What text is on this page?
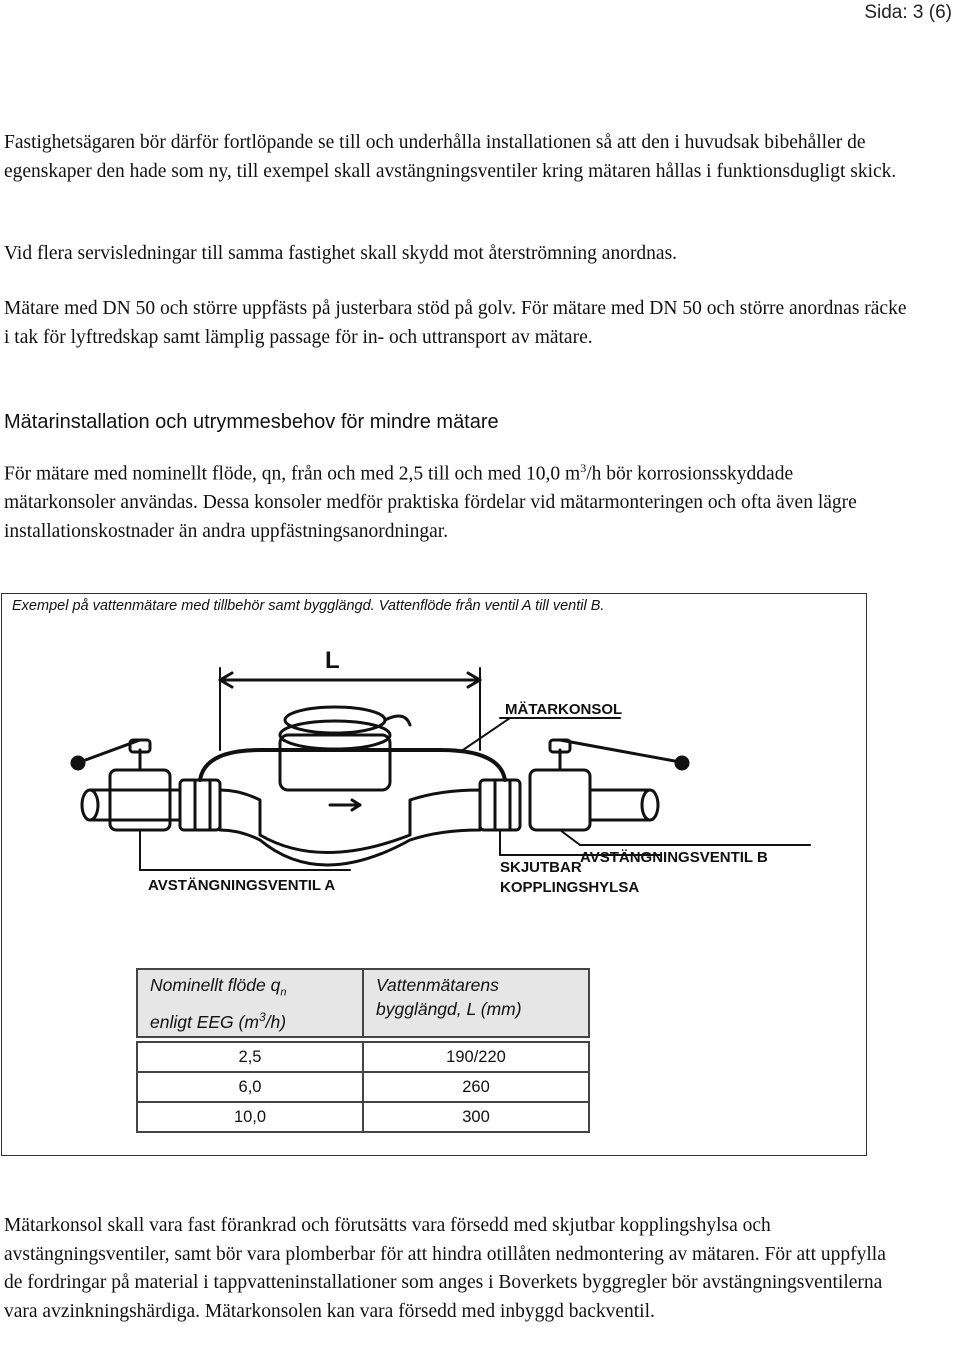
Sida: 3 (6)

Fastighetsägaren bör därför fortlöpande se till och underhålla installationen så att den i huvudsak bibehåller de egenskaper den hade som ny, till exempel skall avstängningsventiler kring mätaren hållas i funktionsdugligt skick.

Vid flera servisledningar till samma fastighet skall skydd mot återströmning anordnas.

Mätare med DN 50 och större uppfästs på justerbara stöd på golv. För mätare med DN 50 och större anordnas räcke i tak för lyftredskap samt lämplig passage för in- och uttransport av mätare.

Mätarinstallation och utrymmesbehov för mindre mätare

För mätare med nominellt flöde, qn, från och med 2,5 till och med 10,0 $m^3/h$ bör korrosionsskyddade mätarkonsoler användas. Dessa konsoler medför praktiska fördelar vid mätarmonteringen och ofta även lägre installationskostnader än andra uppfästningsanordningar.

Exempel på vattenmätare med tillbehör samt bygglängd. Vattenflöde från ventil A till ventil B.
L
MÄTARKONSOL
AVSTÄNGNINGSVENTIL A
AVSTÄNGNINGSVENTIL B
SKJUTBAR
KOPPLINGSHYLSA
Nominellt flöde $q_n$
enligt EEG $(m^3/h)$	Vattenmätarens
bygglängd, L (mm)

2,5	190/220
6,0	260
10,0	300

Mätarkonsol skall vara fast förankrad och förutsätts vara försedd med skjutbar kopplingshylsa och avstängningsventiler, samt bör vara plomberbar för att hindra otillåten nedmontering av mätaren. För att uppfylla de fordringar på material i tappvatteninstallationer som anges i Boverkets byggregler bör avstängningsventilerna vara avzinkningshärdiga. Mätarkonsolen kan vara försedd med inbyggd backventil.
